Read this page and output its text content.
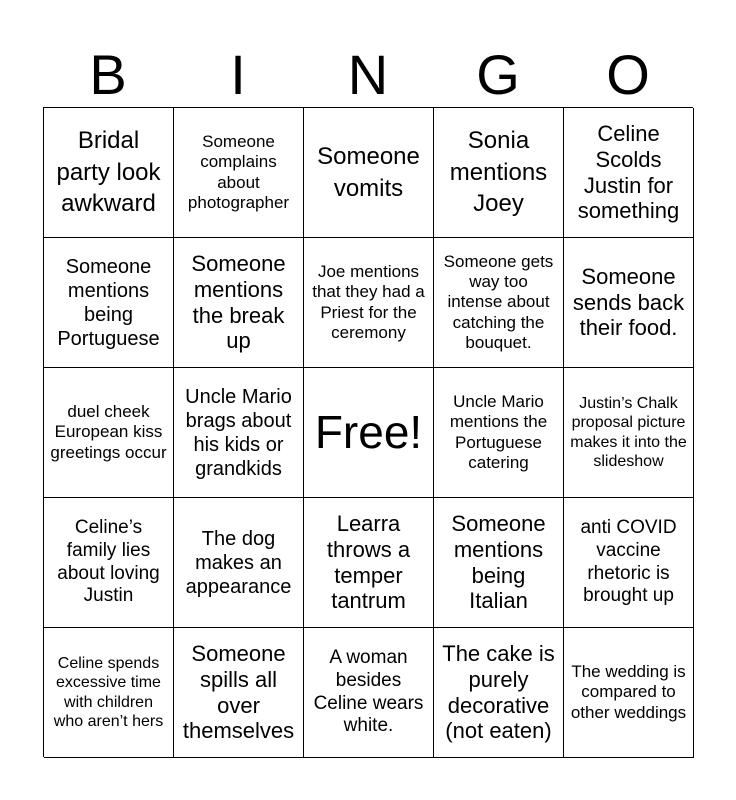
B	I	N	G	O
Bridal party look awkward
Someone complains about photographer
Someone vomits
Sonia mentions Joey
Celine Scolds Justin for something
Someone mentions being Portuguese
Someone mentions the break up
Joe mentions that they had a Priest for the ceremony
Someone gets way too intense about catching the bouquet.
Someone sends back their food.
duel cheek European kiss greetings occur
Uncle Mario brags about his kids or grandkids
Free!
Uncle Mario mentions the Portuguese catering
Justin’s Chalk proposal picture makes it into the slideshow
Celine’s family lies about loving Justin
The dog makes an appearance
Learra throws a temper tantrum
Someone mentions being Italian
anti COVID vaccine rhetoric is brought up
Celine spends excessive time with children who aren’t hers
Someone spills all over themselves
A woman besides Celine wears white.
The cake is purely decorative (not eaten)
The wedding is compared to other weddings
